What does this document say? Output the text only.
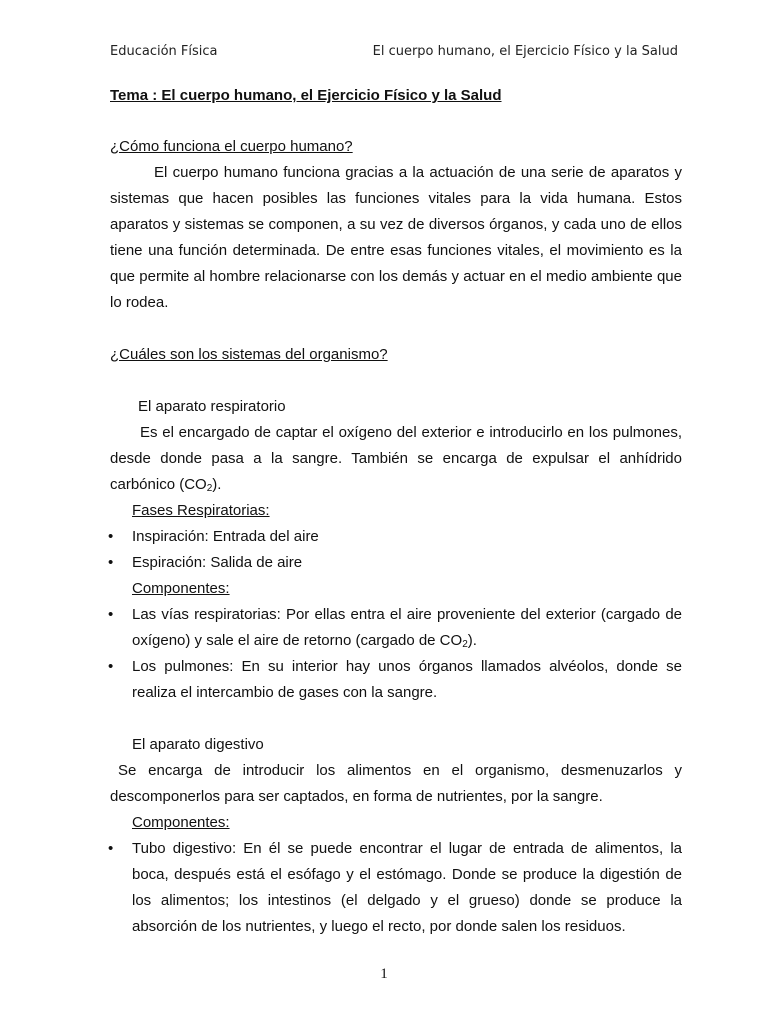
Educación Física	El cuerpo humano, el Ejercicio Físico y la Salud

Tema : El cuerpo humano, el Ejercicio Físico y la Salud

¿Cómo funciona el cuerpo humano?

El cuerpo humano funciona gracias a la actuación de una serie de aparatos y sistemas que hacen posibles las funciones vitales para la vida humana. Estos aparatos y sistemas se componen, a su vez de diversos órganos, y cada uno de ellos tiene una función determinada. De entre esas funciones vitales, el movimiento es la que permite al hombre relacionarse con los demás y actuar en el medio ambiente que lo rodea.

¿Cuáles son los sistemas del organismo?

El aparato respiratorio

Es el encargado de captar el oxígeno del exterior e introducirlo en los pulmones, desde donde pasa a la sangre. También se encarga de expulsar el anhídrido carbónico $(CO_2)$.

Fases Respiratorias:

• Inspiración: Entrada del aire
• Espiración: Salida de aire

Componentes:

• Las vías respiratorias: Por ellas entra el aire proveniente del exterior (cargado de oxígeno) y sale el aire de retorno (cargado de $CO_2$).
• Los pulmones: En su interior hay unos órganos llamados alvéolos, donde se realiza el intercambio de gases con la sangre.

El aparato digestivo

Se encarga de introducir los alimentos en el organismo, desmenuzarlos y descomponerlos para ser captados, en forma de nutrientes, por la sangre.

Componentes:

• Tubo digestivo: En él se puede encontrar el lugar de entrada de alimentos, la boca, después está el esófago y el estómago. Donde se produce la digestión de los alimentos; los intestinos (el delgado y el grueso) donde se produce la absorción de los nutrientes, y luego el recto, por donde salen los residuos.
1
